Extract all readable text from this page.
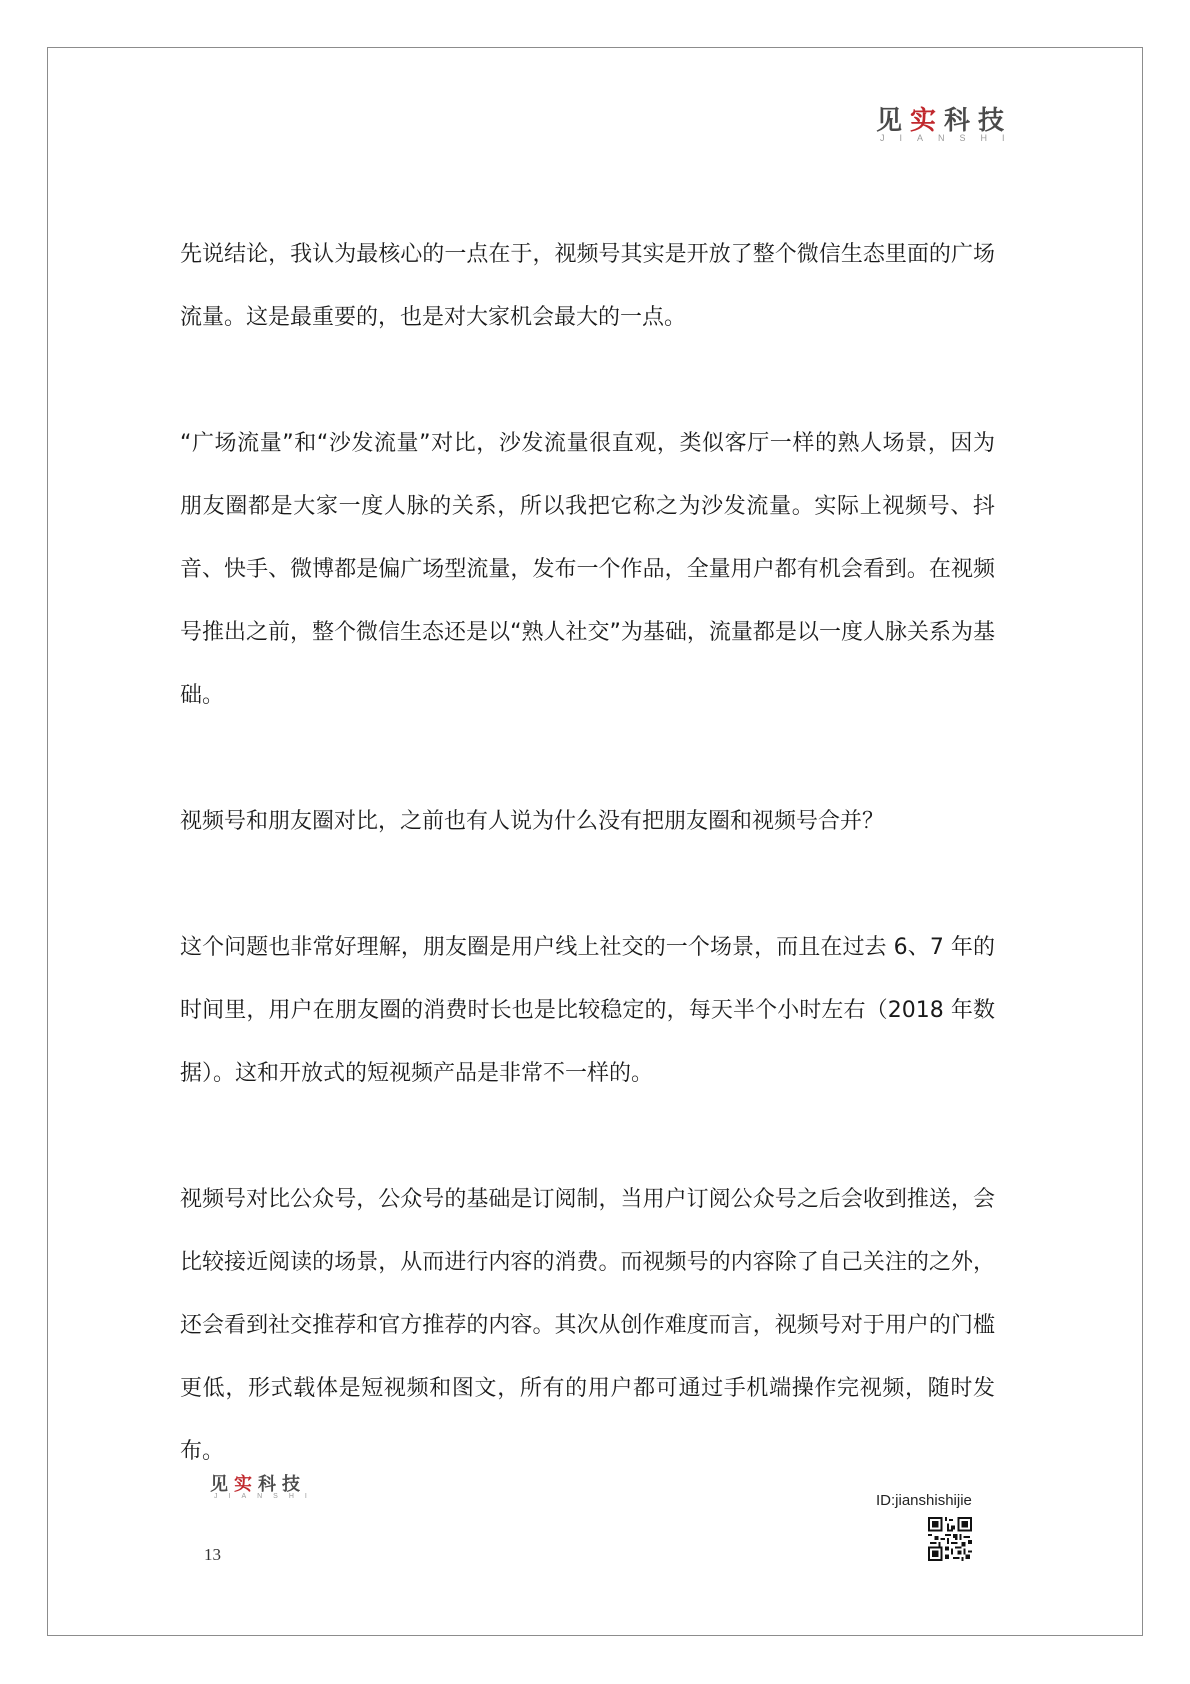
见实科技
JIANSHI

先说结论，我认为最核心的一点在于，视频号其实是开放了整个微信生态里面的广场流量。这是最重要的，也是对大家机会最大的一点。

“广场流量”和“沙发流量”对比，沙发流量很直观，类似客厅一样的熟人场景，因为朋友圈都是大家一度人脉的关系，所以我把它称之为沙发流量。实际上视频号、抖音、快手、微博都是偏广场型流量，发布一个作品，全量用户都有机会看到。在视频号推出之前，整个微信生态还是以“熟人社交”为基础，流量都是以一度人脉关系为基础。

视频号和朋友圈对比，之前也有人说为什么没有把朋友圈和视频号合并？

这个问题也非常好理解，朋友圈是用户线上社交的一个场景，而且在过去 6、7 年的时间里，用户在朋友圈的消费时长也是比较稳定的，每天半个小时左右（2018 年数据）。这和开放式的短视频产品是非常不一样的。

视频号对比公众号，公众号的基础是订阅制，当用户订阅公众号之后会收到推送，会比较接近阅读的场景，从而进行内容的消费。而视频号的内容除了自己关注的之外，还会看到社交推荐和官方推荐的内容。其次从创作难度而言，视频号对于用户的门槛更低，形式载体是短视频和图文，所有的用户都可通过手机端操作完视频，随时发布。

见实科技
JIANSHI
13
ID:jianshishijie
